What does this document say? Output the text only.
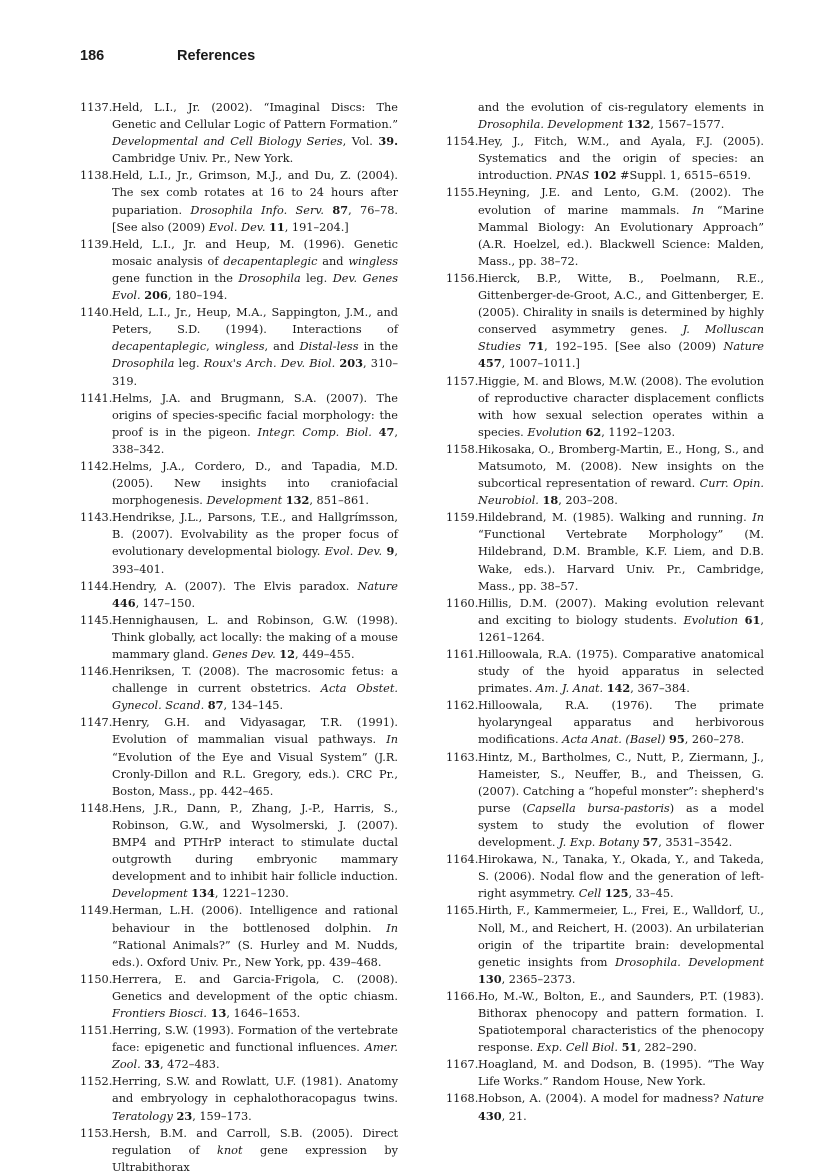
186	References

1137. Held, L.I., Jr. (2002). “Imaginal Discs: The Genetic and Cellular Logic of Pattern Formation.” Developmental and Cell Biology Series, Vol. 39. Cambridge Univ. Pr., New York.

1138. Held, L.I., Jr., Grimson, M.J., and Du, Z. (2004). The sex comb rotates at 16 to 24 hours after pupariation. Drosophila Info. Serv. 87, 76–78. [See also (2009) Evol. Dev. 11, 191–204.]

1139. Held, L.I., Jr. and Heup, M. (1996). Genetic mosaic analysis of decapentaplegic and wingless gene function in the Drosophila leg. Dev. Genes Evol. 206, 180–194.

1140. Held, L.I., Jr., Heup, M.A., Sappington, J.M., and Peters, S.D. (1994). Interactions of decapentaplegic, wingless, and Distal-less in the Drosophila leg. Roux's Arch. Dev. Biol. 203, 310–319.

1141. Helms, J.A. and Brugmann, S.A. (2007). The origins of species-specific facial morphology: the proof is in the pigeon. Integr. Comp. Biol. 47, 338–342.

1142. Helms, J.A., Cordero, D., and Tapadia, M.D. (2005). New insights into craniofacial morphogenesis. Development 132, 851–861.

1143. Hendrikse, J.L., Parsons, T.E., and Hallgrímsson, B. (2007). Evolvability as the proper focus of evolutionary developmental biology. Evol. Dev. 9, 393–401.

1144. Hendry, A. (2007). The Elvis paradox. Nature 446, 147–150.

1145. Hennighausen, L. and Robinson, G.W. (1998). Think globally, act locally: the making of a mouse mammary gland. Genes Dev. 12, 449–455.

1146. Henriksen, T. (2008). The macrosomic fetus: a challenge in current obstetrics. Acta Obstet. Gynecol. Scand. 87, 134–145.

1147. Henry, G.H. and Vidyasagar, T.R. (1991). Evolution of mammalian visual pathways. In “Evolution of the Eye and Visual System” (J.R. Cronly-Dillon and R.L. Gregory, eds.). CRC Pr., Boston, Mass., pp. 442–465.

1148. Hens, J.R., Dann, P., Zhang, J.-P., Harris, S., Robinson, G.W., and Wysolmerski, J. (2007). BMP4 and PTHrP interact to stimulate ductal outgrowth during embryonic mammary development and to inhibit hair follicle induction. Development 134, 1221–1230.

1149. Herman, L.H. (2006). Intelligence and rational behaviour in the bottlenosed dolphin. In “Rational Animals?” (S. Hurley and M. Nudds, eds.). Oxford Univ. Pr., New York, pp. 439–468.

1150. Herrera, E. and Garcia-Frigola, C. (2008). Genetics and development of the optic chiasm. Frontiers Biosci. 13, 1646–1653.

1151. Herring, S.W. (1993). Formation of the vertebrate face: epigenetic and functional influences. Amer. Zool. 33, 472–483.

1152. Herring, S.W. and Rowlatt, U.F. (1981). Anatomy and embryology in cephalothoracopagus twins. Teratology 23, 159–173.

1153. Hersh, B.M. and Carroll, S.B. (2005). Direct regulation of knot gene expression by Ultrabithorax

and the evolution of cis-regulatory elements in Drosophila. Development 132, 1567–1577.

1154. Hey, J., Fitch, W.M., and Ayala, F.J. (2005). Systematics and the origin of species: an introduction. PNAS 102 #Suppl. 1, 6515–6519.

1155. Heyning, J.E. and Lento, G.M. (2002). The evolution of marine mammals. In “Marine Mammal Biology: An Evolutionary Approach” (A.R. Hoelzel, ed.). Blackwell Science: Malden, Mass., pp. 38–72.

1156. Hierck, B.P., Witte, B., Poelmann, R.E., Gittenberger-de-Groot, A.C., and Gittenberger, E. (2005). Chirality in snails is determined by highly conserved asymmetry genes. J. Molluscan Studies 71, 192–195. [See also (2009) Nature 457, 1007–1011.]

1157. Higgie, M. and Blows, M.W. (2008). The evolution of reproductive character displacement conflicts with how sexual selection operates within a species. Evolution 62, 1192–1203.

1158. Hikosaka, O., Bromberg-Martin, E., Hong, S., and Matsumoto, M. (2008). New insights on the subcortical representation of reward. Curr. Opin. Neurobiol. 18, 203–208.

1159. Hildebrand, M. (1985). Walking and running. In “Functional Vertebrate Morphology” (M. Hildebrand, D.M. Bramble, K.F. Liem, and D.B. Wake, eds.). Harvard Univ. Pr., Cambridge, Mass., pp. 38–57.

1160. Hillis, D.M. (2007). Making evolution relevant and exciting to biology students. Evolution 61, 1261–1264.

1161. Hilloowala, R.A. (1975). Comparative anatomical study of the hyoid apparatus in selected primates. Am. J. Anat. 142, 367–384.

1162. Hilloowala, R.A. (1976). The primate hyolaryngeal apparatus and herbivorous modifications. Acta Anat. (Basel) 95, 260–278.

1163. Hintz, M., Bartholmes, C., Nutt, P., Ziermann, J., Hameister, S., Neuffer, B., and Theissen, G. (2007). Catching a “hopeful monster”: shepherd's purse (Capsella bursa-pastoris) as a model system to study the evolution of flower development. J. Exp. Botany 57, 3531–3542.

1164. Hirokawa, N., Tanaka, Y., Okada, Y., and Takeda, S. (2006). Nodal flow and the generation of left-right asymmetry. Cell 125, 33–45.

1165. Hirth, F., Kammermeier, L., Frei, E., Walldorf, U., Noll, M., and Reichert, H. (2003). An urbilaterian origin of the tripartite brain: developmental genetic insights from Drosophila. Development 130, 2365–2373.

1166. Ho, M.-W., Bolton, E., and Saunders, P.T. (1983). Bithorax phenocopy and pattern formation. I. Spatiotemporal characteristics of the phenocopy response. Exp. Cell Biol. 51, 282–290.

1167. Hoagland, M. and Dodson, B. (1995). “The Way Life Works.” Random House, New York.

1168. Hobson, A. (2004). A model for madness? Nature 430, 21.
